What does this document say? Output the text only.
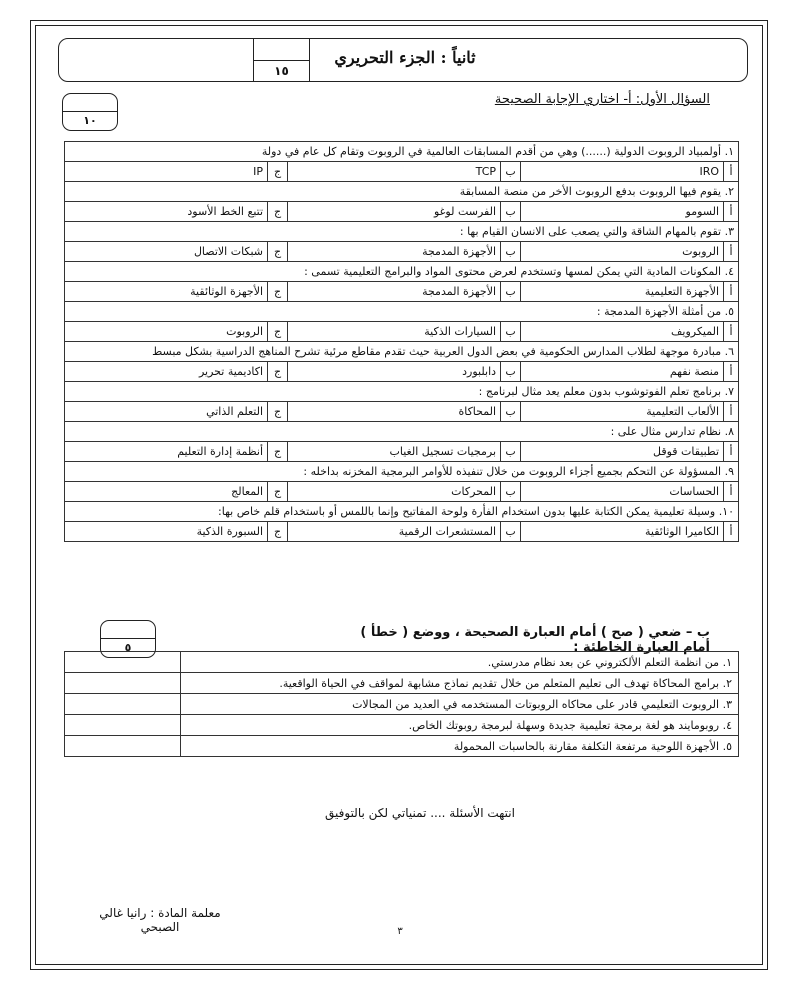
ثانياً : الجزء التحريري
١٥
السؤال الأول: أ- اختاري الإجابة الصحيحة
١٠
١. أولمبياد الروبوت الدولية (......) وهي من أقدم المسابقات العالمية في الروبوت وتقام كل عام في دولة					
أ	IRO	ب	TCP	ج	IP
٢. يقوم فيها الروبوت بدفع الروبوت الأخر من منصة المسابقة					
أ	السومو	ب	الفرست لوغو	ج	تتبع الخط الأسود
٣. تقوم بالمهام الشاقة والتي يصعب على الانسان القيام بها :					
أ	الروبوت	ب	الأجهزة المدمجة	ج	شبكات الاتصال
٤. المكونات المادية التي يمكن لمسها وتستخدم لعرض محتوى المواد والبرامج التعليمية تسمى :					
أ	الأجهزة التعليمية	ب	الأجهزة المدمجة	ج	الأجهزة الوثائقية
٥. من أمثلة الأجهزة المدمجة :					
أ	الميكرويف	ب	السيارات الذكية	ج	الروبوت
٦. مبادرة موجهة لطلاب المدارس الحكومية في بعض الدول العربية حيث تقدم مقاطع مرئية تشرح المناهج الدراسية بشكل مبسط					
أ	منصة نفهم	ب	دابلبورد	ج	اكاديمية تحرير
٧. برنامج تعلم الفوتوشوب بدون معلم يعد مثال لبرنامج :					
أ	الألعاب التعليمية	ب	المحاكاة	ج	التعلم الذاتي
٨. نظام تدارس مثال على :					
أ	تطبيقات قوقل	ب	برمجيات تسجيل الغياب	ج	أنظمة إدارة التعليم
٩. المسؤولة عن التحكم بجميع أجزاء الروبوت من خلال تنفيذه للأوامر البرمجية المخزنه بداخله :					
أ	الحساسات	ب	المحركات	ج	المعالج
١٠. وسيلة تعليمية يمكن الكتابة عليها بدون استخدام الفأرة ولوحة المفاتيح وإنما باللمس أو باستخدام قلم خاص بها:					
أ	الكاميرا الوثائقية	ب	المستشعرات الرقمية	ج	السبورة الذكية
ب – ضعي ( صح ) أمام العبارة الصحيحة ، ووضع ( خطأ ) أمام العبارة الخاطئة :
٥
١. من انظمة التعلم الألكتروني عن بعد نظام مدرستي.	
٢. برامج المحاكاة تهدف الى تعليم المتعلم من خلال تقديم نماذج مشابهة لمواقف في الحياة الواقعية.	
٣. الروبوت التعليمي قادر على محاكاه الروبوتات المستخدمه في العديد من المجالات	
٤. روبومايند هو لغة برمجة تعليمية جديدة وسهلة لبرمجة روبوتك الخاص.	
٥. الأجهزة اللوحية مرتفعة التكلفة مقارنة بالحاسبات المحمولة	
انتهت الأسئلة .... تمنياتي لكن بالتوفيق
معلمة المادة : رانيا غالي الصبحي	٣
